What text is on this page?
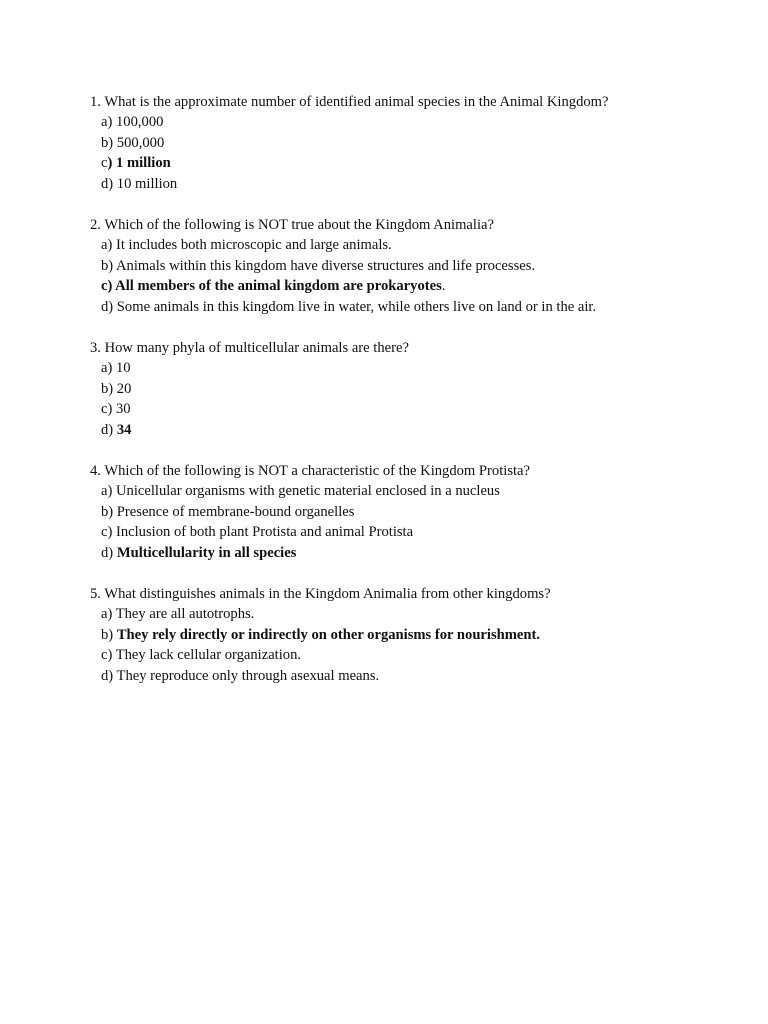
1. What is the approximate number of identified animal species in the Animal Kingdom?
a) 100,000
b) 500,000
c) 1 million
d) 10 million
2. Which of the following is NOT true about the Kingdom Animalia?
a) It includes both microscopic and large animals.
b) Animals within this kingdom have diverse structures and life processes.
c) All members of the animal kingdom are prokaryotes.
d) Some animals in this kingdom live in water, while others live on land or in the air.
3. How many phyla of multicellular animals are there?
a) 10
b) 20
c) 30
d) 34
4. Which of the following is NOT a characteristic of the Kingdom Protista?
a) Unicellular organisms with genetic material enclosed in a nucleus
b) Presence of membrane-bound organelles
c) Inclusion of both plant Protista and animal Protista
d) Multicellularity in all species
5. What distinguishes animals in the Kingdom Animalia from other kingdoms?
a) They are all autotrophs.
b) They rely directly or indirectly on other organisms for nourishment.
c) They lack cellular organization.
d) They reproduce only through asexual means.
